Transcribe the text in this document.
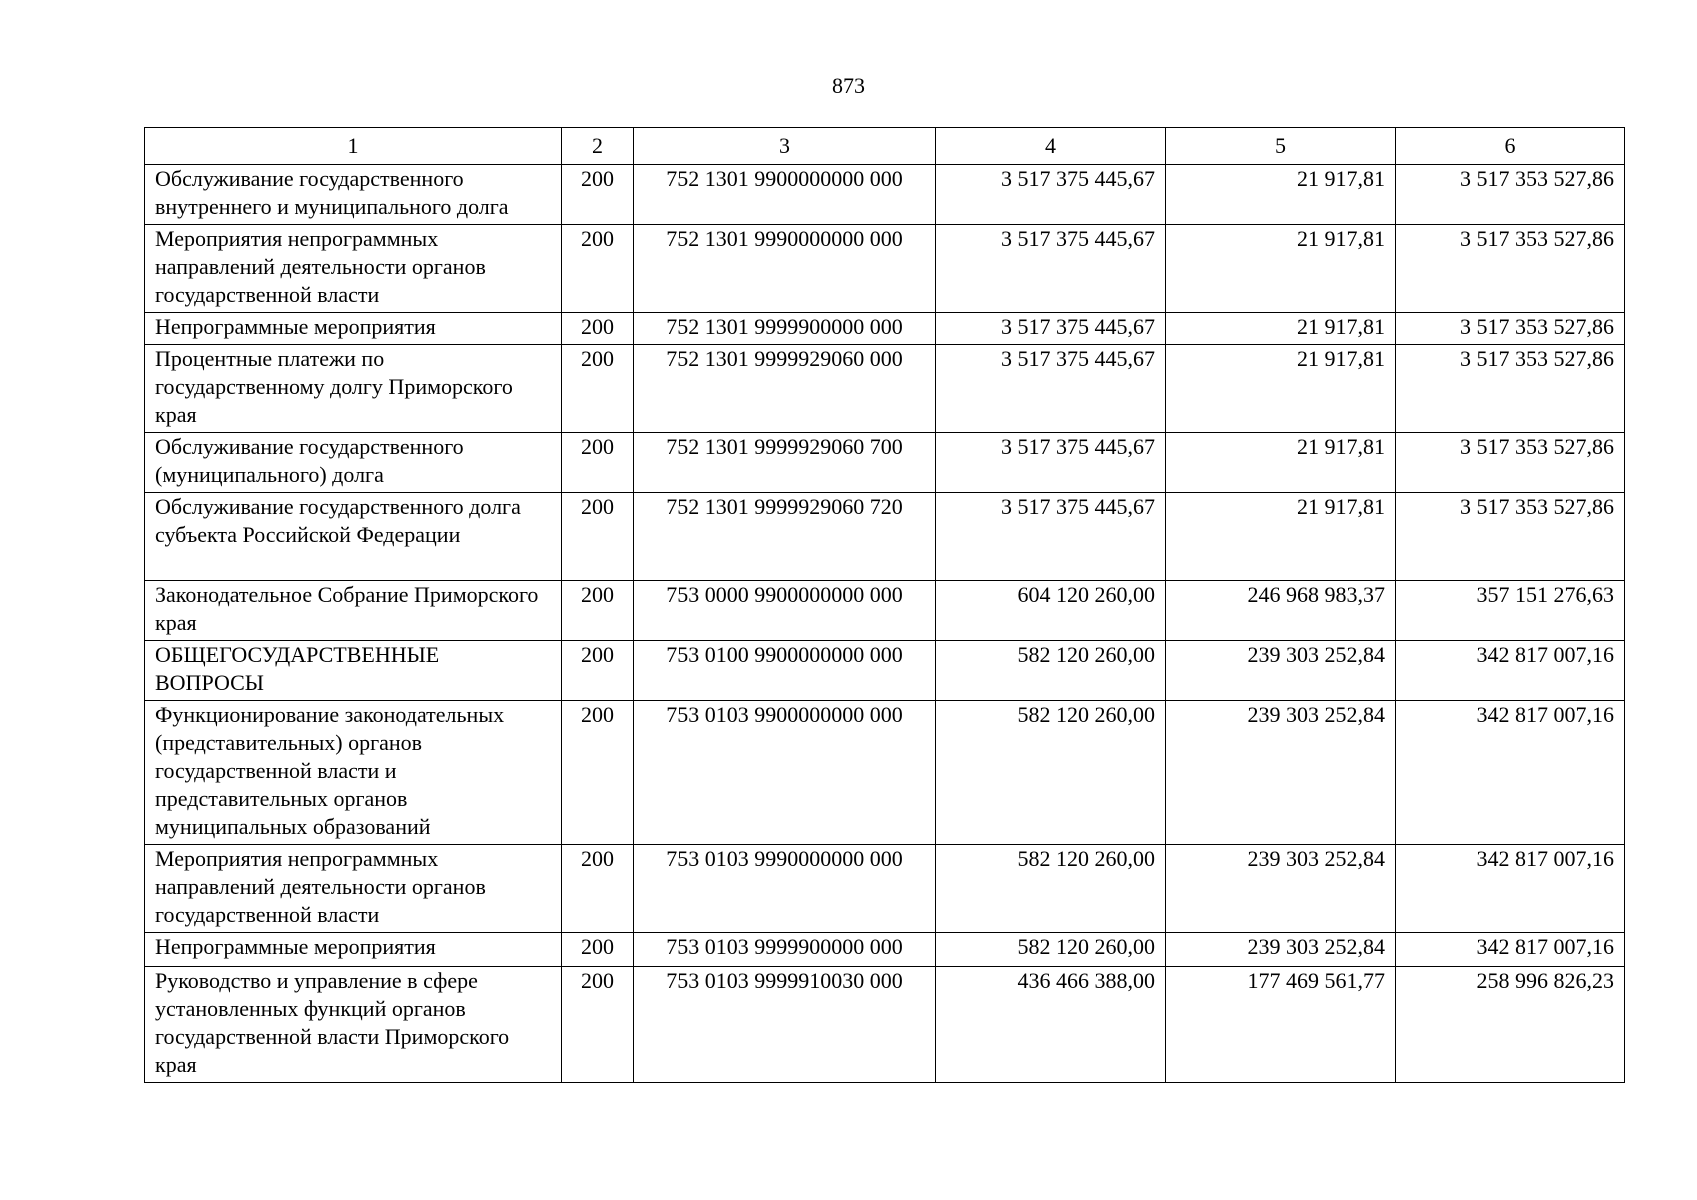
873
1	2	3	4	5	6
Обслуживание государственного внутреннего и муниципального долга	200	752 1301 9900000000 000	3 517 375 445,67	21 917,81	3 517 353 527,86
Мероприятия непрограммных направлений деятельности органов государственной власти	200	752 1301 9990000000 000	3 517 375 445,67	21 917,81	3 517 353 527,86
Непрограммные мероприятия	200	752 1301 9999900000 000	3 517 375 445,67	21 917,81	3 517 353 527,86
Процентные платежи по государственному долгу Приморского края	200	752 1301 9999929060 000	3 517 375 445,67	21 917,81	3 517 353 527,86
Обслуживание государственного (муниципального) долга	200	752 1301 9999929060 700	3 517 375 445,67	21 917,81	3 517 353 527,86
Обслуживание государственного долга субъекта Российской Федерации	200	752 1301 9999929060 720	3 517 375 445,67	21 917,81	3 517 353 527,86
Законодательное Собрание Приморского края	200	753 0000 9900000000 000	604 120 260,00	246 968 983,37	357 151 276,63
ОБЩЕГОСУДАРСТВЕННЫЕ ВОПРОСЫ	200	753 0100 9900000000 000	582 120 260,00	239 303 252,84	342 817 007,16
Функционирование законодательных (представительных) органов государственной власти и представительных органов муниципальных образований	200	753 0103 9900000000 000	582 120 260,00	239 303 252,84	342 817 007,16
Мероприятия непрограммных направлений деятельности органов государственной власти	200	753 0103 9990000000 000	582 120 260,00	239 303 252,84	342 817 007,16
Непрограммные мероприятия	200	753 0103 9999900000 000	582 120 260,00	239 303 252,84	342 817 007,16
Руководство и управление в сфере установленных функций органов государственной власти Приморского края	200	753 0103 9999910030 000	436 466 388,00	177 469 561,77	258 996 826,23
